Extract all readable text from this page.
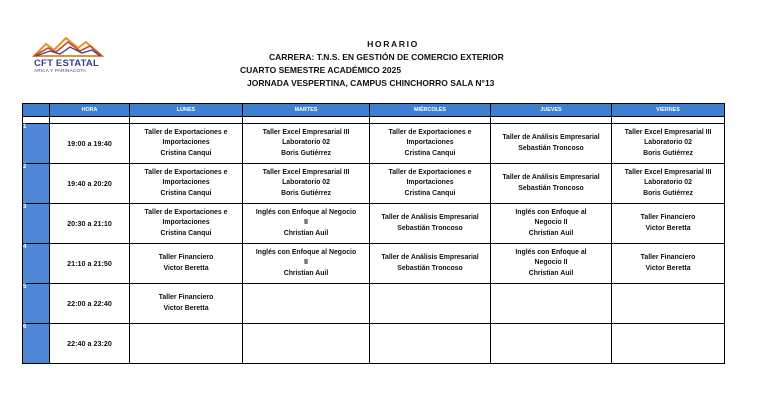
CFT ESTATAL
ARICA Y PARINACOTA
HORARIO
CARRERA: T.N.S. EN GESTIÓN DE COMERCIO EXTERIOR
CUARTO SEMESTRE ACADÉMICO 2025
JORNADA VESPERTINA, CAMPUS CHINCHORRO SALA N°13
	HORA	LUNES	MARTES	MIÉRCOLES	JUEVES	VIERNES

1	19:00 a 19:40	Taller de Exportaciones e
Importaciones
Cristina Canqui	Taller Excel Empresarial III
Laboratorio 02
Boris Gutiérrez	Taller de Exportaciones e
Importaciones
Cristina Canqui	Taller de Análisis Empresarial
Sebastián Troncoso	Taller Excel Empresarial III
Laboratorio 02
Boris Gutiérrez

2	19:40 a 20:20	Taller de Exportaciones e
Importaciones
Cristina Canqui	Taller Excel Empresarial III
Laboratorio 02
Boris Gutiérrez	Taller de Exportaciones e
Importaciones
Cristina Canqui	Taller de Análisis Empresarial
Sebastián Troncoso	Taller Excel Empresarial III
Laboratorio 02
Boris Gutiérrez

3	20:30 a 21:10	Taller de Exportaciones e
Importaciones
Cristina Canqui	Inglés con Enfoque al Negocio
II
Christian Auil	Taller de Análisis Empresarial
Sebastián Troncoso	Inglés con Enfoque al
Negocio II
Christian Auil	Taller Financiero
Victor Beretta

4	21:10 a 21:50	Taller Financiero
Victor Beretta	Inglés con Enfoque al Negocio
II
Christian Auil	Taller de Análisis Empresarial
Sebastián Troncoso	Inglés con Enfoque al
Negocio II
Christian Auil	Taller Financiero
Victor Beretta

5	22:00 a 22:40	Taller Financiero
Victor Beretta				

6	22:40 a 23:20					
